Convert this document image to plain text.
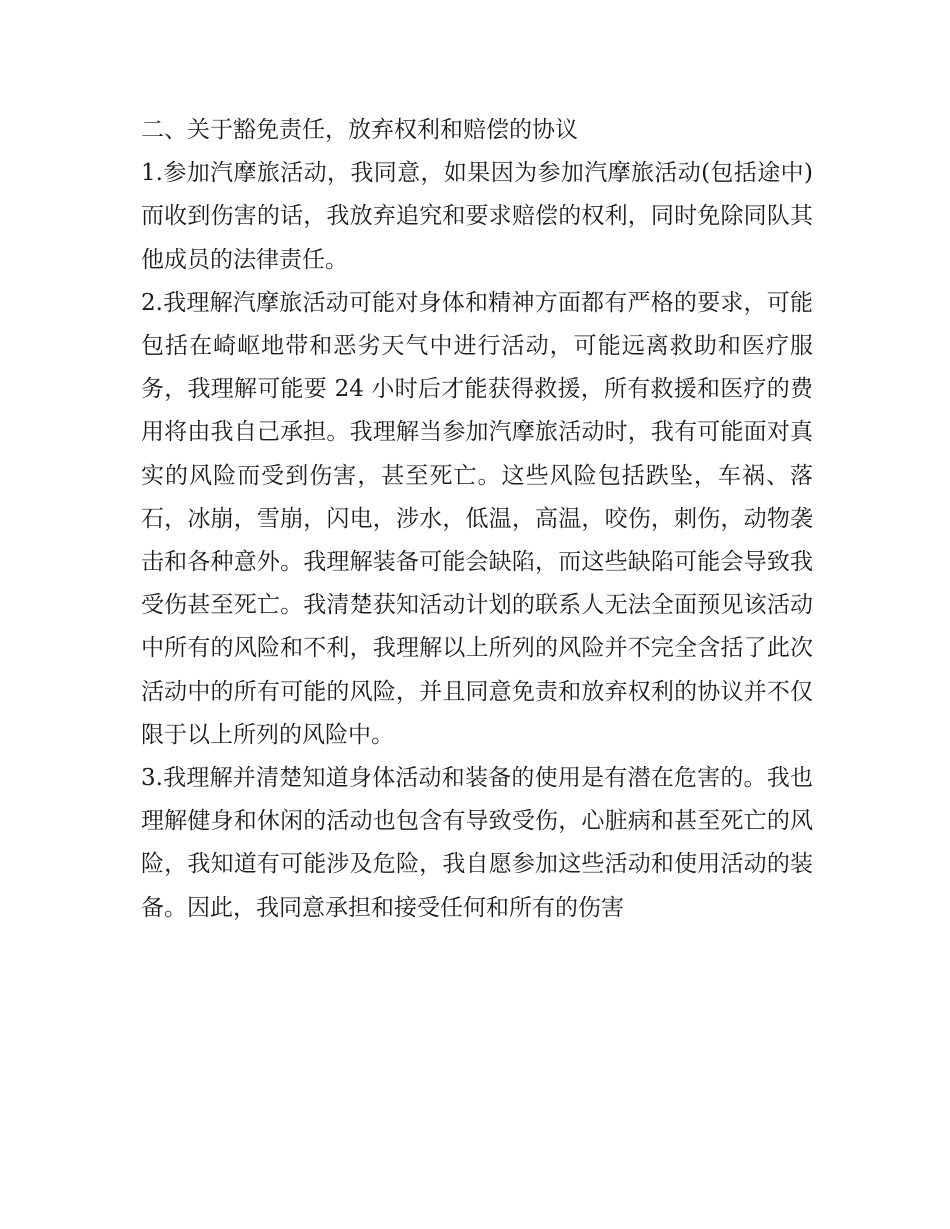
二、关于豁免责任，放弃权利和赔偿的协议

1.参加汽摩旅活动，我同意，如果因为参加汽摩旅活动(包括途中)而收到伤害的话，我放弃追究和要求赔偿的权利，同时免除同队其他成员的法律责任。

2.我理解汽摩旅活动可能对身体和精神方面都有严格的要求，可能包括在崎岖地带和恶劣天气中进行活动，可能远离救助和医疗服务，我理解可能要 24 小时后才能获得救援，所有救援和医疗的费用将由我自己承担。我理解当参加汽摩旅活动时，我有可能面对真实的风险而受到伤害，甚至死亡。这些风险包括跌坠，车祸、落石，冰崩，雪崩，闪电，涉水，低温，高温，咬伤，刺伤，动物袭击和各种意外。我理解装备可能会缺陷，而这些缺陷可能会导致我受伤甚至死亡。我清楚获知活动计划的联系人无法全面预见该活动中所有的风险和不利，我理解以上所列的风险并不完全含括了此次活动中的所有可能的风险，并且同意免责和放弃权利的协议并不仅限于以上所列的风险中。

3.我理解并清楚知道身体活动和装备的使用是有潜在危害的。我也理解健身和休闲的活动也包含有导致受伤，心脏病和甚至死亡的风险，我知道有可能涉及危险，我自愿参加这些活动和使用活动的装备。因此，我同意承担和接受任何和所有的伤害
